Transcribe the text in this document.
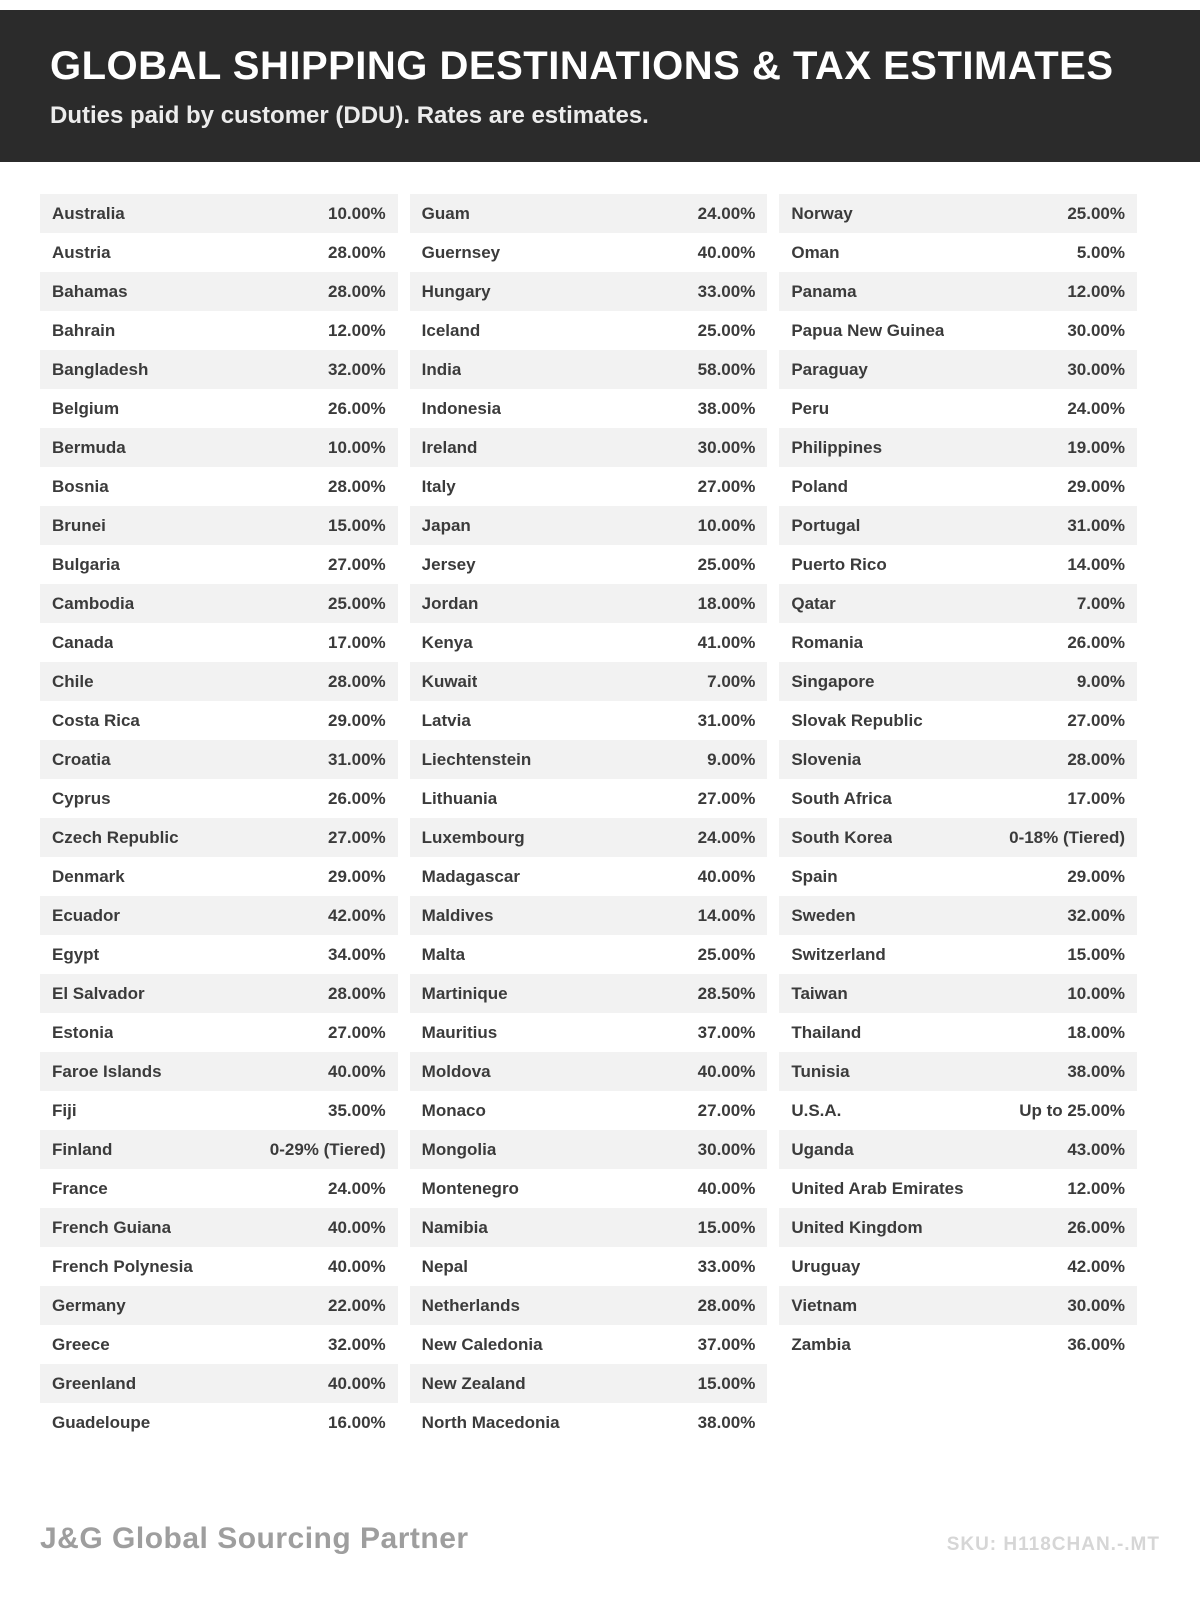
GLOBAL SHIPPING DESTINATIONS & TAX ESTIMATES
Duties paid by customer (DDU). Rates are estimates.
Australia	10.00%
Austria	28.00%
Bahamas	28.00%
Bahrain	12.00%
Bangladesh	32.00%
Belgium	26.00%
Bermuda	10.00%
Bosnia	28.00%
Brunei	15.00%
Bulgaria	27.00%
Cambodia	25.00%
Canada	17.00%
Chile	28.00%
Costa Rica	29.00%
Croatia	31.00%
Cyprus	26.00%
Czech Republic	27.00%
Denmark	29.00%
Ecuador	42.00%
Egypt	34.00%
El Salvador	28.00%
Estonia	27.00%
Faroe Islands	40.00%
Fiji	35.00%
Finland	0-29% (Tiered)
France	24.00%
French Guiana	40.00%
French Polynesia	40.00%
Germany	22.00%
Greece	32.00%
Greenland	40.00%
Guadeloupe	16.00%
Guam	24.00%
Guernsey	40.00%
Hungary	33.00%
Iceland	25.00%
India	58.00%
Indonesia	38.00%
Ireland	30.00%
Italy	27.00%
Japan	10.00%
Jersey	25.00%
Jordan	18.00%
Kenya	41.00%
Kuwait	7.00%
Latvia	31.00%
Liechtenstein	9.00%
Lithuania	27.00%
Luxembourg	24.00%
Madagascar	40.00%
Maldives	14.00%
Malta	25.00%
Martinique	28.50%
Mauritius	37.00%
Moldova	40.00%
Monaco	27.00%
Mongolia	30.00%
Montenegro	40.00%
Namibia	15.00%
Nepal	33.00%
Netherlands	28.00%
New Caledonia	37.00%
New Zealand	15.00%
North Macedonia	38.00%
Norway	25.00%
Oman	5.00%
Panama	12.00%
Papua New Guinea	30.00%
Paraguay	30.00%
Peru	24.00%
Philippines	19.00%
Poland	29.00%
Portugal	31.00%
Puerto Rico	14.00%
Qatar	7.00%
Romania	26.00%
Singapore	9.00%
Slovak Republic	27.00%
Slovenia	28.00%
South Africa	17.00%
South Korea	0-18% (Tiered)
Spain	29.00%
Sweden	32.00%
Switzerland	15.00%
Taiwan	10.00%
Thailand	18.00%
Tunisia	38.00%
U.S.A.	Up to 25.00%
Uganda	43.00%
United Arab Emirates	12.00%
United Kingdom	26.00%
Uruguay	42.00%
Vietnam	30.00%
Zambia	36.00%
J&G Global Sourcing Partner	SKU: H118CHAN.-.MT
